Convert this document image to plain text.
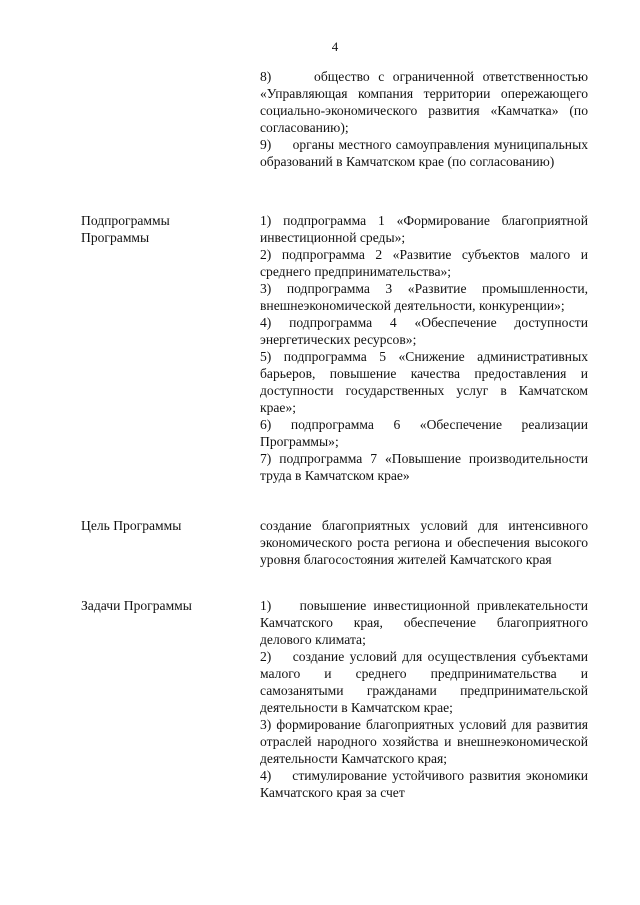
4

8)     общество с ограниченной ответственностью «Управляющая компания территории опережающего социально-экономического развития «Камчатка» (по согласованию);

9)     органы местного самоуправления муниципальных образований в Камчатском крае (по согласованию)

Подпрограммы Программы

1) подпрограмма 1 «Формирование благоприятной инвестиционной среды»;

2) подпрограмма 2 «Развитие субъектов малого и среднего предпринимательства»;

3) подпрограмма 3 «Развитие промышленности, внешнеэкономической деятельности, конкуренции»;

4) подпрограмма 4 «Обеспечение доступности энергетических ресурсов»;

5) подпрограмма 5 «Снижение административных барьеров, повышение качества предоставления и доступности государственных услуг в Камчатском крае»;

6) подпрограмма 6 «Обеспечение реализации Программы»;

7) подпрограмма 7 «Повышение производительности труда в Камчатском крае»

Цель Программы	создание благоприятных условий для интенсивного экономического роста региона и обеспечения высокого уровня благосостояния жителей Камчатского края

Задачи Программы	1)    повышение инвестиционной привлекательности Камчатского края, обеспечение благоприятного делового климата;

2)    создание условий для осуществления субъектами малого и среднего предпринимательства и самозанятыми гражданами предпринимательской деятельности в Камчатском крае;

3) формирование благоприятных условий для развития отраслей народного хозяйства и внешнеэкономической деятельности Камчатского края;

4)    стимулирование устойчивого развития экономики Камчатского края за счет
